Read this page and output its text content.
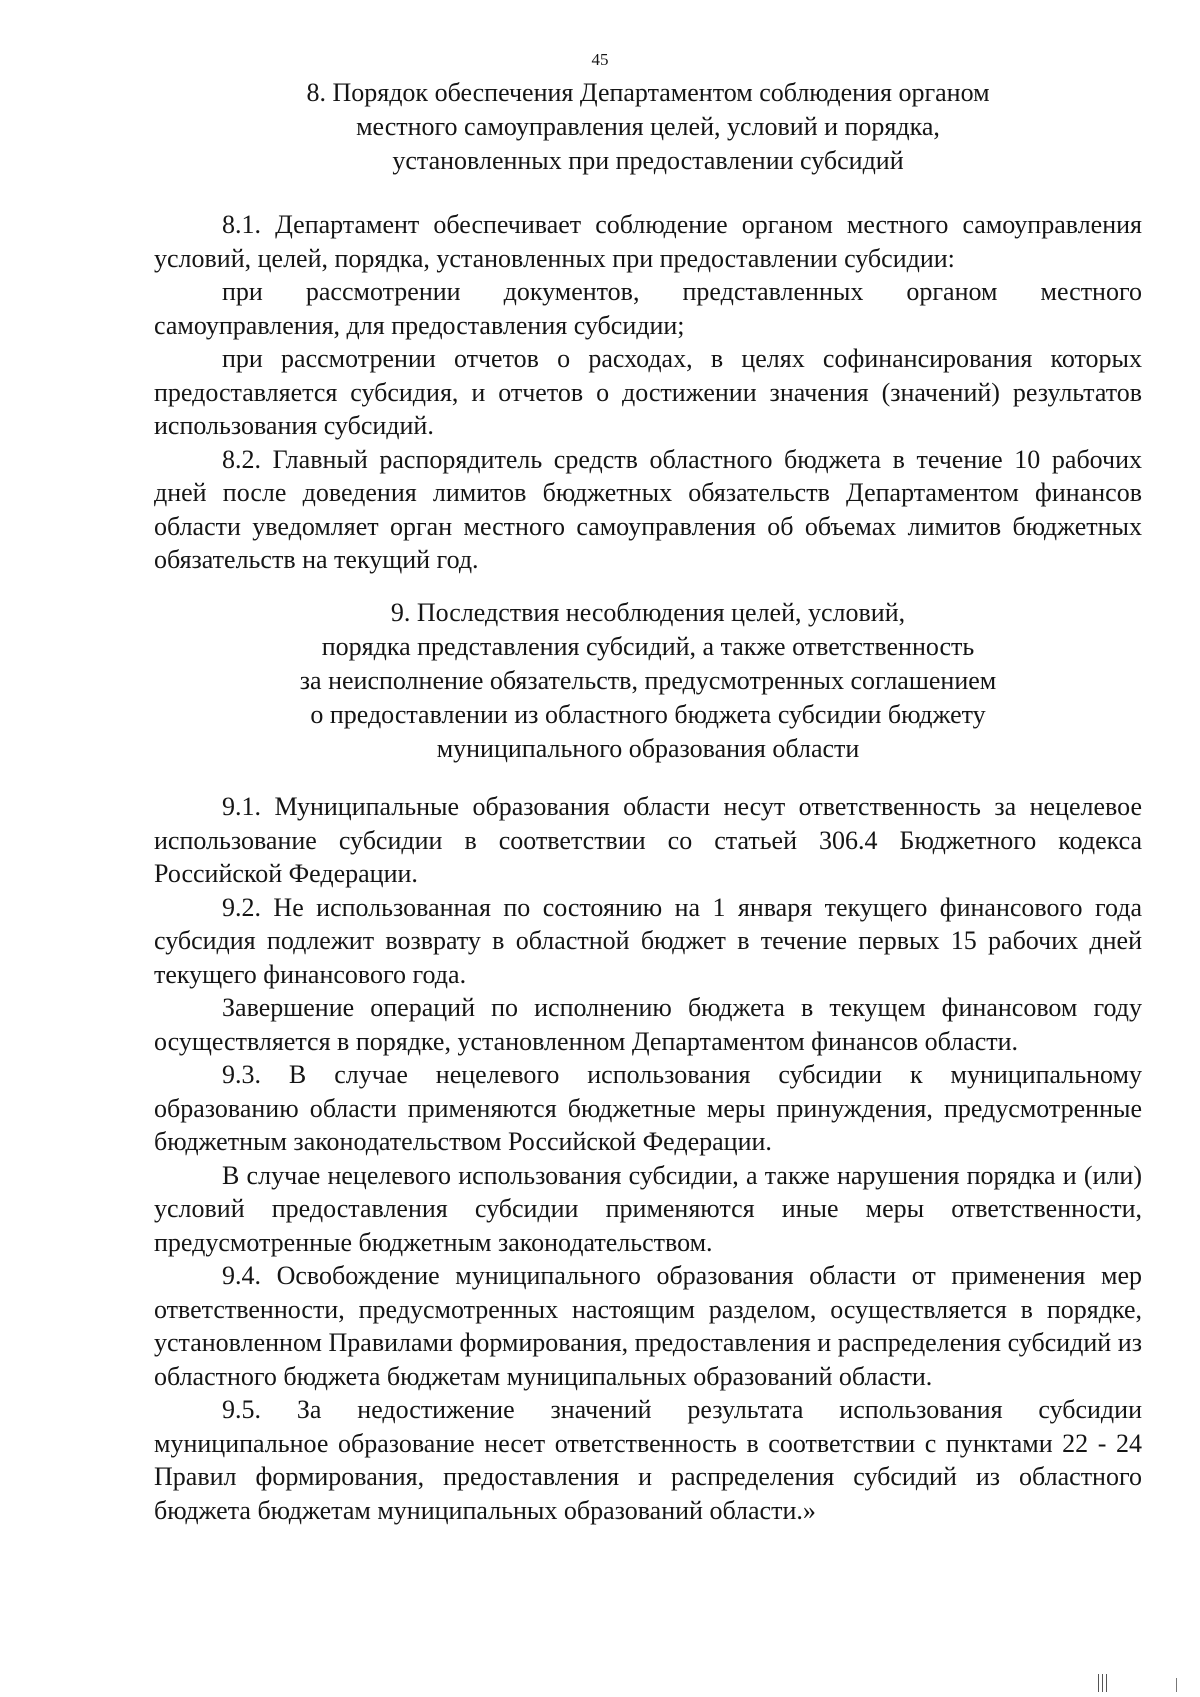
45
8. Порядок обеспечения Департаментом соблюдения органом
местного самоуправления целей, условий и порядка,
установленных при предоставлении субсидий

8.1. Департамент обеспечивает соблюдение органом местного самоуправления условий, целей, порядка, установленных при предоставлении субсидии:

при рассмотрении документов, представленных органом местного самоуправления, для предоставления субсидии;

при рассмотрении отчетов о расходах, в целях софинансирования которых предоставляется субсидия, и отчетов о достижении значения (значений) результатов использования субсидий.

8.2. Главный распорядитель средств областного бюджета в течение 10 рабочих дней после доведения лимитов бюджетных обязательств Департаментом финансов области уведомляет орган местного самоуправления об объемах лимитов бюджетных обязательств на текущий год.

9. Последствия несоблюдения целей, условий,
порядка представления субсидий, а также ответственность
за неисполнение обязательств, предусмотренных соглашением
о предоставлении из областного бюджета субсидии бюджету
муниципального образования области

9.1. Муниципальные образования области несут ответственность за нецелевое использование субсидии в соответствии со статьей 306.4 Бюджетного кодекса Российской Федерации.

9.2. Не использованная по состоянию на 1 января текущего финансового года субсидия подлежит возврату в областной бюджет в течение первых 15 рабочих дней текущего финансового года.

Завершение операций по исполнению бюджета в текущем финансовом году осуществляется в порядке, установленном Департаментом финансов области.

9.3. В случае нецелевого использования субсидии к муниципальному образованию области применяются бюджетные меры принуждения, предусмотренные бюджетным законодательством Российской Федерации.

В случае нецелевого использования субсидии, а также нарушения порядка и (или) условий предоставления субсидии применяются иные меры ответственности, предусмотренные бюджетным законодательством.

9.4. Освобождение муниципального образования области от применения мер ответственности, предусмотренных настоящим разделом, осуществляется в порядке, установленном Правилами формирования, предоставления и распределения субсидий из областного бюджета бюджетам муниципальных образований области.

9.5. За недостижение значений результата использования субсидии муниципальное образование несет ответственность в соответствии с пунктами 22 - 24 Правил формирования, предоставления и распределения субсидий из областного бюджета бюджетам муниципальных образований области.»
